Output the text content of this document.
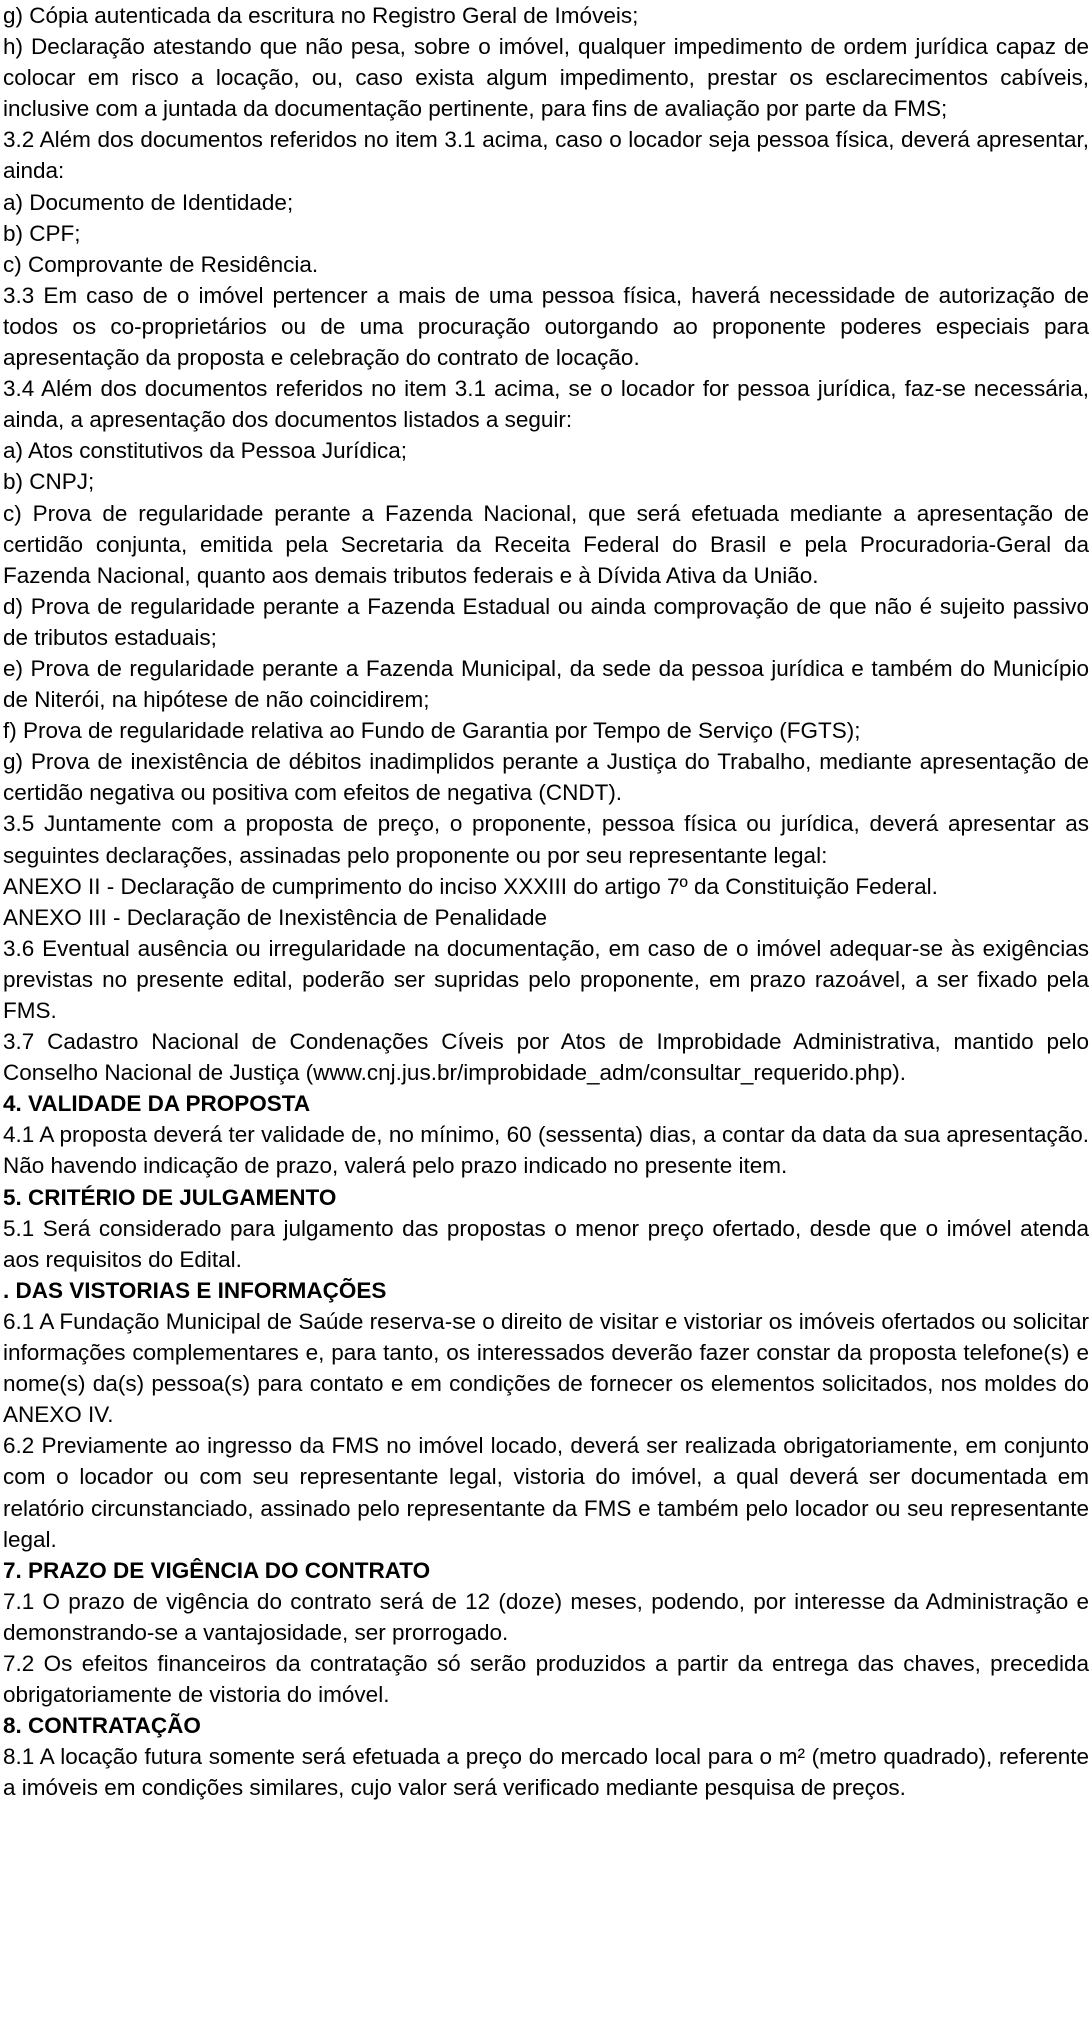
g) Cópia autenticada da escritura no Registro Geral de Imóveis;

h) Declaração atestando que não pesa, sobre o imóvel, qualquer impedimento de ordem jurídica capaz de colocar em risco a locação, ou, caso exista algum impedimento, prestar os esclarecimentos cabíveis, inclusive com a juntada da documentação pertinente, para fins de avaliação por parte da FMS;

3.2 Além dos documentos referidos no item 3.1 acima, caso o locador seja pessoa física, deverá apresentar, ainda:

a) Documento de Identidade;

b) CPF;

c) Comprovante de Residência.

3.3 Em caso de o imóvel pertencer a mais de uma pessoa física, haverá necessidade de autorização de todos os co-proprietários ou de uma procuração outorgando ao proponente poderes especiais para apresentação da proposta e celebração do contrato de locação.

3.4 Além dos documentos referidos no item 3.1 acima, se o locador for pessoa jurídica, faz-se necessária, ainda, a apresentação dos documentos listados a seguir:

a) Atos constitutivos da Pessoa Jurídica;

b) CNPJ;

c) Prova de regularidade perante a Fazenda Nacional, que será efetuada mediante a apresentação de certidão conjunta, emitida pela Secretaria da Receita Federal do Brasil e pela Procuradoria-Geral da Fazenda Nacional, quanto aos demais tributos federais e à Dívida Ativa da União.

d) Prova de regularidade perante a Fazenda Estadual ou ainda comprovação de que não é sujeito passivo de tributos estaduais;

e) Prova de regularidade perante a Fazenda Municipal, da sede da pessoa jurídica e também do Município de Niterói, na hipótese de não coincidirem;

f) Prova de regularidade relativa ao Fundo de Garantia por Tempo de Serviço (FGTS);

g) Prova de inexistência de débitos inadimplidos perante a Justiça do Trabalho, mediante apresentação de certidão negativa ou positiva com efeitos de negativa (CNDT).

3.5 Juntamente com a proposta de preço, o proponente, pessoa física ou jurídica, deverá apresentar as seguintes declarações, assinadas pelo proponente ou por seu representante legal:

ANEXO II - Declaração de cumprimento do inciso XXXIII do artigo 7º da Constituição Federal.

ANEXO III - Declaração de Inexistência de Penalidade

3.6 Eventual ausência ou irregularidade na documentação, em caso de o imóvel adequar-se às exigências previstas no presente edital, poderão ser supridas pelo proponente, em prazo razoável, a ser fixado pela FMS.

3.7 Cadastro Nacional de Condenações Cíveis por Atos de Improbidade Administrativa, mantido pelo Conselho Nacional de Justiça (www.cnj.jus.br/improbidade_adm/consultar_requerido.php).

4. VALIDADE DA PROPOSTA

4.1 A proposta deverá ter validade de, no mínimo, 60 (sessenta) dias, a contar da data da sua apresentação. Não havendo indicação de prazo, valerá pelo prazo indicado no presente item.

5. CRITÉRIO DE JULGAMENTO

5.1 Será considerado para julgamento das propostas o menor preço ofertado, desde que o imóvel atenda aos requisitos do Edital.

. DAS VISTORIAS E INFORMAÇÕES

6.1 A Fundação Municipal de Saúde reserva-se o direito de visitar e vistoriar os imóveis ofertados ou solicitar informações complementares e, para tanto, os interessados deverão fazer constar da proposta telefone(s) e nome(s) da(s) pessoa(s) para contato e em condições de fornecer os elementos solicitados, nos moldes do ANEXO IV.

6.2 Previamente ao ingresso da FMS no imóvel locado, deverá ser realizada obrigatoriamente, em conjunto com o locador ou com seu representante legal, vistoria do imóvel, a qual deverá ser documentada em relatório circunstanciado, assinado pelo representante da FMS e também pelo locador ou seu representante legal.

7. PRAZO DE VIGÊNCIA DO CONTRATO

7.1 O prazo de vigência do contrato será de 12 (doze) meses, podendo, por interesse da Administração e demonstrando-se a vantajosidade, ser prorrogado.

7.2 Os efeitos financeiros da contratação só serão produzidos a partir da entrega das chaves, precedida obrigatoriamente de vistoria do imóvel.

8. CONTRATAÇÃO

8.1 A locação futura somente será efetuada a preço do mercado local para o m² (metro quadrado), referente a imóveis em condições similares, cujo valor será verificado mediante pesquisa de preços.
